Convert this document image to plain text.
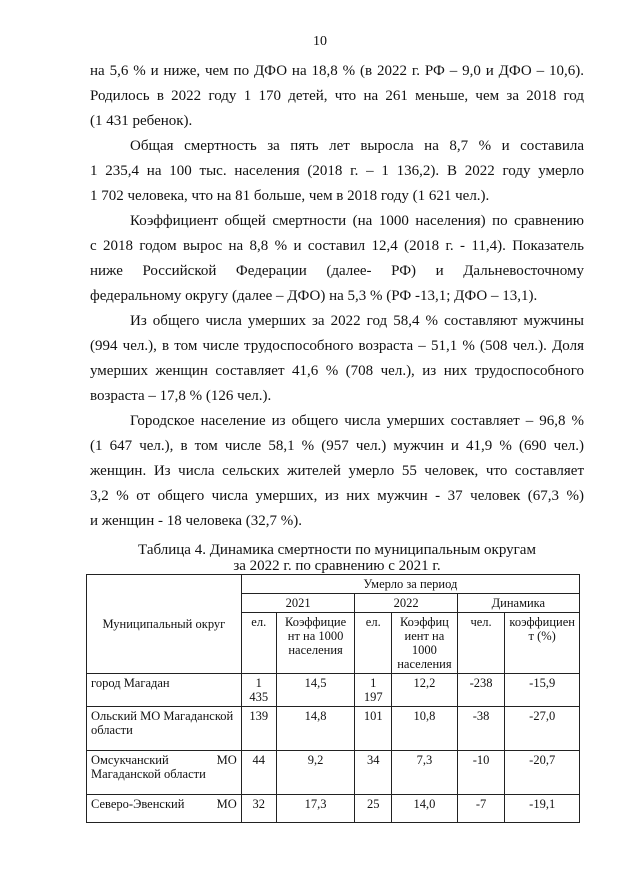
10
на 5,6 % и ниже, чем по ДФО на 18,8 % (в 2022 г. РФ – 9,0 и ДФО – 10,6).
Родилось в 2022 году 1 170 детей, что на 261 меньше, чем за 2018 год
(1 431 ребенок).
Общая смертность за пять лет выросла на 8,7 % и составила
1 235,4 на 100 тыс. населения (2018 г. – 1 136,2). В 2022 году умерло
1 702 человека, что на 81 больше, чем в 2018 году (1 621 чел.).
Коэффициент общей смертности (на 1000 населения) по сравнению
с 2018 годом вырос на 8,8 % и составил 12,4 (2018 г. - 11,4). Показатель
ниже Российской Федерации (далее- РФ) и Дальневосточному
федеральному округу (далее – ДФО) на 5,3 % (РФ -13,1; ДФО – 13,1).
Из общего числа умерших за 2022 год 58,4 % составляют мужчины
(994 чел.), в том числе трудоспособного возраста – 51,1 % (508 чел.). Доля
умерших женщин составляет 41,6 % (708 чел.), из них трудоспособного
возраста – 17,8 % (126 чел.).
Городское население из общего числа умерших составляет – 96,8 %
(1 647 чел.), в том числе 58,1 % (957 чел.) мужчин и 41,9 % (690 чел.)
женщин. Из числа сельских жителей умерло 55 человек, что составляет
3,2 % от общего числа умерших, из них мужчин - 37 человек (67,3 %)
и женщин - 18 человека (32,7 %).
Таблица 4. Динамика смертности по муниципальным округам
за 2022 г. по сравнению с 2021 г.
Муниципальный округ	Умерло за период					
	2021		2022		Динамика	
	ел.	Коэффицие нт на 1000 населения	ел.	Коэффиц иент на 1000 населения	чел.	коэффициен т (%)
город Магадан	1 435	14,5	1 197	12,2	-238	-15,9
Ольский МО Магаданской области	139	14,8	101	10,8	-38	-27,0

Омсукчанский МО
Магаданской области	44	9,2	34	7,3	-10	-20,7

Северо-Эвенский МО	32	17,3	25	14,0	-7	-19,1
